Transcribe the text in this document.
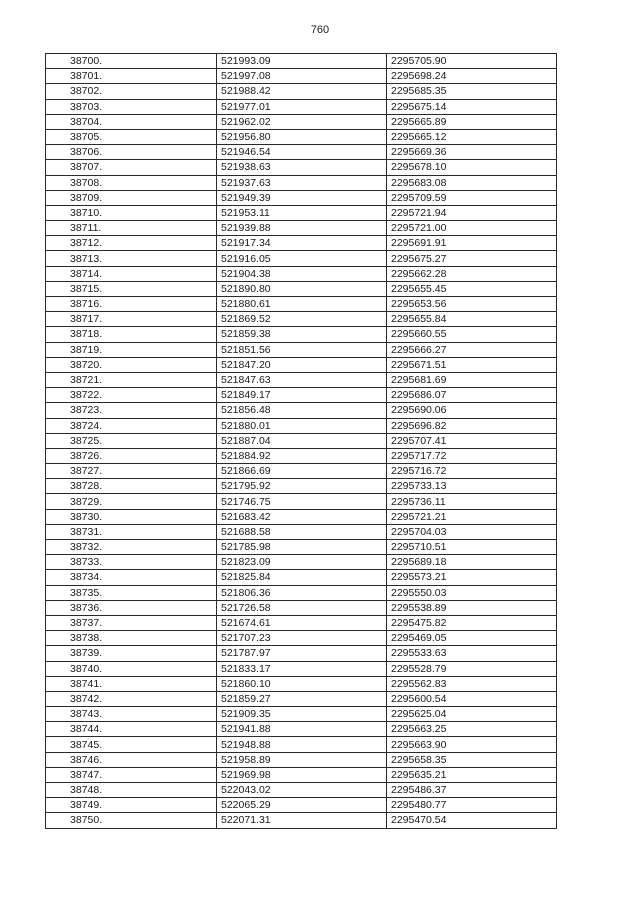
760
38700.	521993.09	2295705.90
38701.	521997.08	2295698.24
38702.	521988.42	2295685.35
38703.	521977.01	2295675.14
38704.	521962.02	2295665.89
38705.	521956.80	2295665.12
38706.	521946.54	2295669.36
38707.	521938.63	2295678.10
38708.	521937.63	2295683.08
38709.	521949.39	2295709.59
38710.	521953.11	2295721.94
38711.	521939.88	2295721.00
38712.	521917.34	2295691.91
38713.	521916.05	2295675.27
38714.	521904.38	2295662.28
38715.	521890.80	2295655.45
38716.	521880.61	2295653.56
38717.	521869.52	2295655.84
38718.	521859.38	2295660.55
38719.	521851.56	2295666.27
38720.	521847.20	2295671.51
38721.	521847.63	2295681.69
38722.	521849.17	2295686.07
38723.	521856.48	2295690.06
38724.	521880.01	2295696.82
38725.	521887.04	2295707.41
38726.	521884.92	2295717.72
38727.	521866.69	2295716.72
38728.	521795.92	2295733.13
38729.	521746.75	2295736.11
38730.	521683.42	2295721.21
38731.	521688.58	2295704.03
38732.	521785.98	2295710.51
38733.	521823.09	2295689.18
38734.	521825.84	2295573.21
38735.	521806.36	2295550.03
38736.	521726.58	2295538.89
38737.	521674.61	2295475.82
38738.	521707.23	2295469.05
38739.	521787.97	2295533.63
38740.	521833.17	2295528.79
38741.	521860.10	2295562.83
38742.	521859.27	2295600.54
38743.	521909.35	2295625.04
38744.	521941.88	2295663.25
38745.	521948.88	2295663.90
38746.	521958.89	2295658.35
38747.	521969.98	2295635.21
38748.	522043.02	2295486.37
38749.	522065.29	2295480.77
38750.	522071.31	2295470.54
